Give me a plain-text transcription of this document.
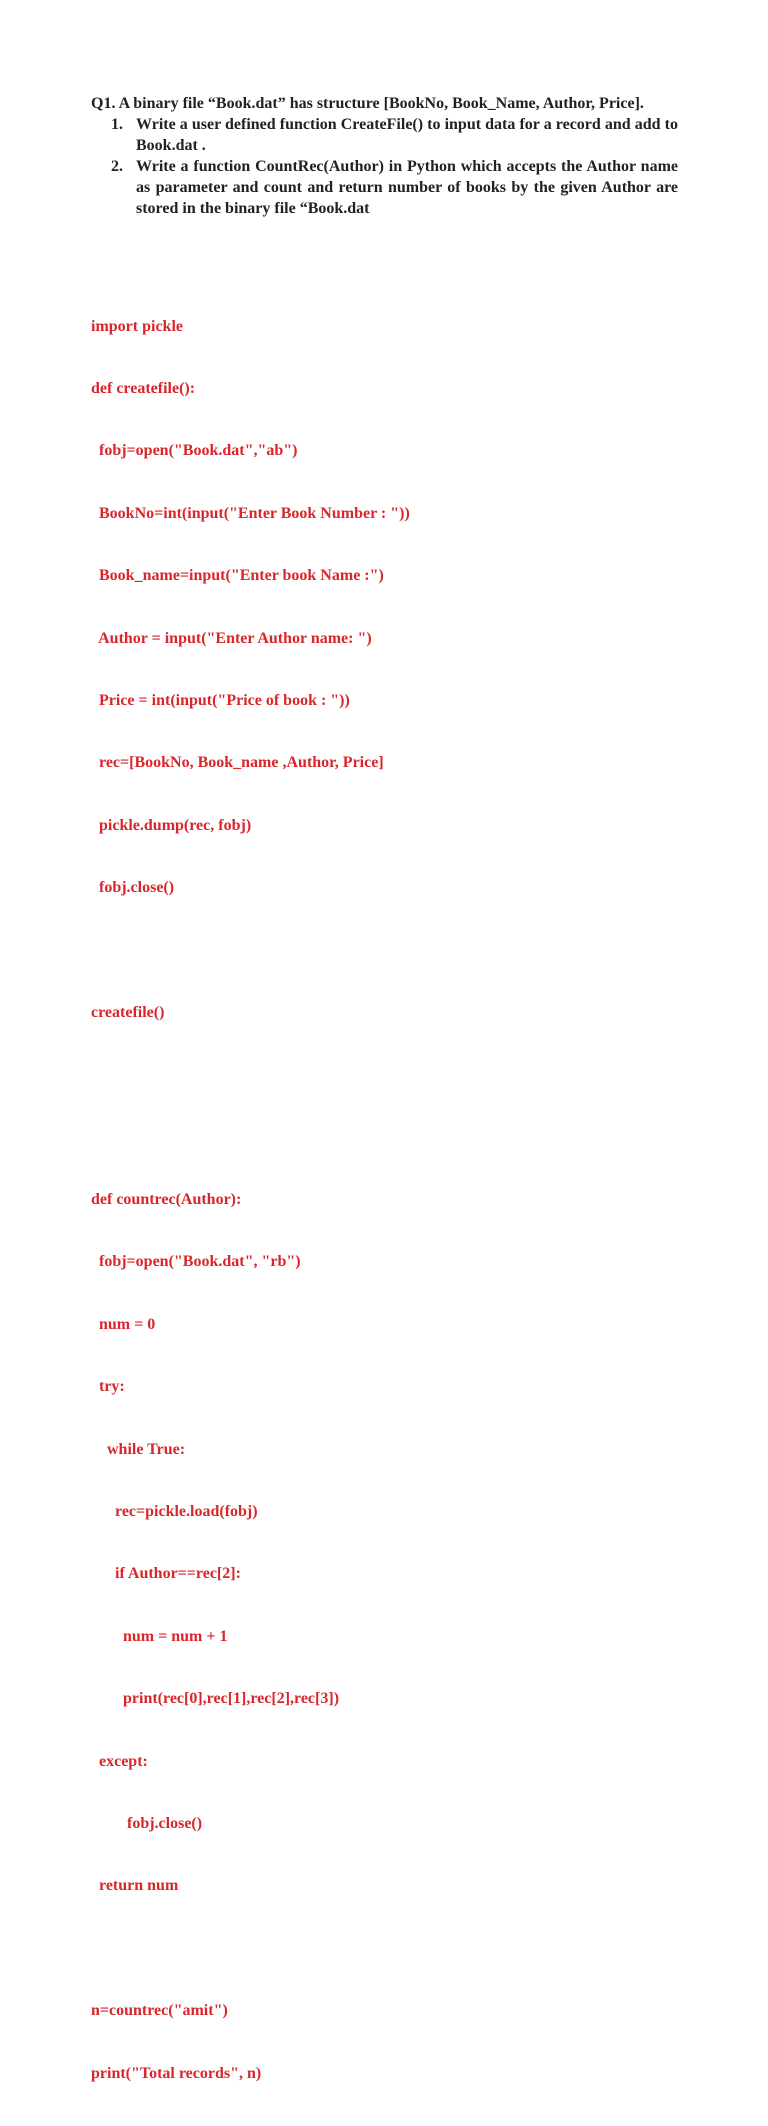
Q1. A binary file “Book.dat” has structure [BookNo, Book_Name, Author, Price].

1. Write a user defined function CreateFile() to input data for a record and add to Book.dat .
2. Write a function CountRec(Author) in Python which accepts the Author name as parameter and count and return number of books by the given Author are stored in the binary file “Book.dat

import pickle

def createfile():

fobj=open("Book.dat","ab")

BookNo=int(input("Enter Book Number : "))

Book_name=input("Enter book Name :")

Author = input("Enter Author name: ")

Price = int(input("Price of book : "))

rec=[BookNo, Book_name ,Author, Price]

pickle.dump(rec, fobj)

fobj.close()

createfile()

def countrec(Author):

fobj=open("Book.dat", "rb")

num = 0

try:

while True:

rec=pickle.load(fobj)

if Author==rec[2]:

num = num + 1

print(rec[0],rec[1],rec[2],rec[3])

except:

fobj.close()

return num

n=countrec("amit")

print("Total records", n)
